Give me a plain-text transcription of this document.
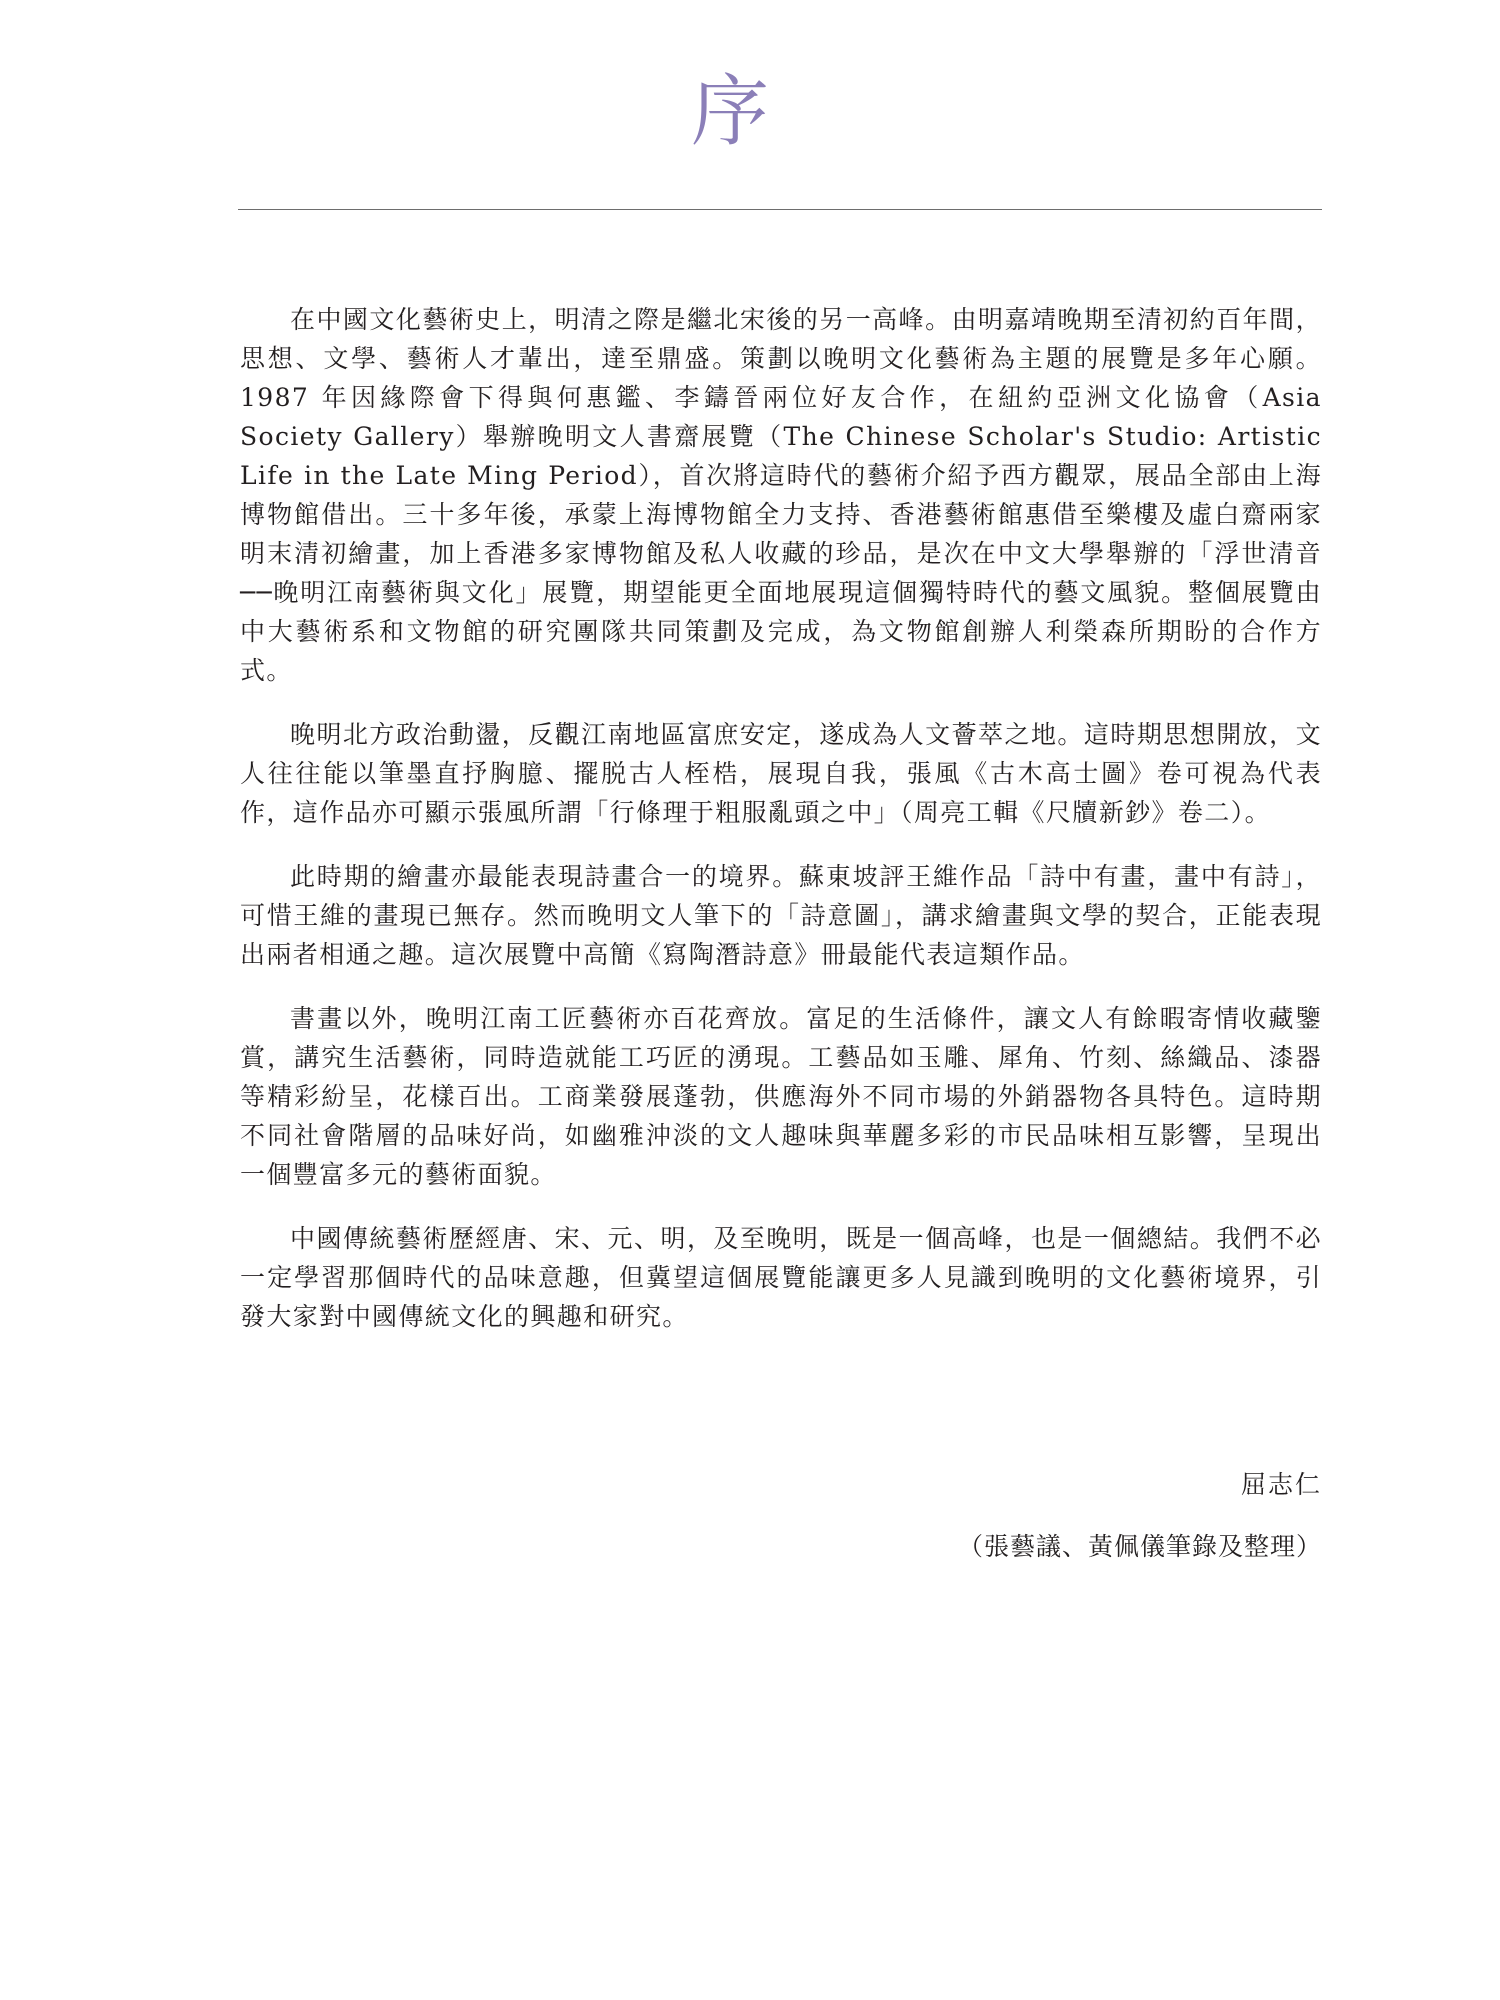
序

在中國文化藝術史上，明清之際是繼北宋後的另一高峰。由明嘉靖晚期至清初約百年間，思想、文學、藝術人才輩出，達至鼎盛。策劃以晚明文化藝術為主題的展覽是多年心願。1987 年因緣際會下得與何惠鑑、李鑄晉兩位好友合作，在紐約亞洲文化協會（Asia Society Gallery）舉辦晚明文人書齋展覽（The Chinese Scholar's Studio: Artistic Life in the Late Ming Period），首次將這時代的藝術介紹予西方觀眾，展品全部由上海博物館借出。三十多年後，承蒙上海博物館全力支持、香港藝術館惠借至樂樓及虛白齋兩家明末清初繪畫，加上香港多家博物館及私人收藏的珍品，是次在中文大學舉辦的「浮世清音──晚明江南藝術與文化」展覽，期望能更全面地展現這個獨特時代的藝文風貌。整個展覽由中大藝術系和文物館的研究團隊共同策劃及完成，為文物館創辦人利榮森所期盼的合作方式。

晚明北方政治動盪，反觀江南地區富庶安定，遂成為人文薈萃之地。這時期思想開放，文人往往能以筆墨直抒胸臆、擺脱古人桎梏，展現自我，張風《古木高士圖》卷可視為代表作，這作品亦可顯示張風所謂「行條理于粗服亂頭之中」（周亮工輯《尺牘新鈔》卷二）。

此時期的繪畫亦最能表現詩畫合一的境界。蘇東坡評王維作品「詩中有畫，畫中有詩」，可惜王維的畫現已無存。然而晚明文人筆下的「詩意圖」，講求繪畫與文學的契合，正能表現出兩者相通之趣。這次展覽中高簡《寫陶潛詩意》冊最能代表這類作品。

書畫以外，晚明江南工匠藝術亦百花齊放。富足的生活條件，讓文人有餘暇寄情收藏鑒賞，講究生活藝術，同時造就能工巧匠的湧現。工藝品如玉雕、犀角、竹刻、絲織品、漆器等精彩紛呈，花樣百出。工商業發展蓬勃，供應海外不同市場的外銷器物各具特色。這時期不同社會階層的品味好尚，如幽雅沖淡的文人趣味與華麗多彩的市民品味相互影響，呈現出一個豐富多元的藝術面貌。

中國傳統藝術歷經唐、宋、元、明，及至晚明，既是一個高峰，也是一個總結。我們不必一定學習那個時代的品味意趣，但冀望這個展覽能讓更多人見識到晚明的文化藝術境界，引發大家對中國傳統文化的興趣和研究。

屈志仁

（張藝議、黃佩儀筆錄及整理）
